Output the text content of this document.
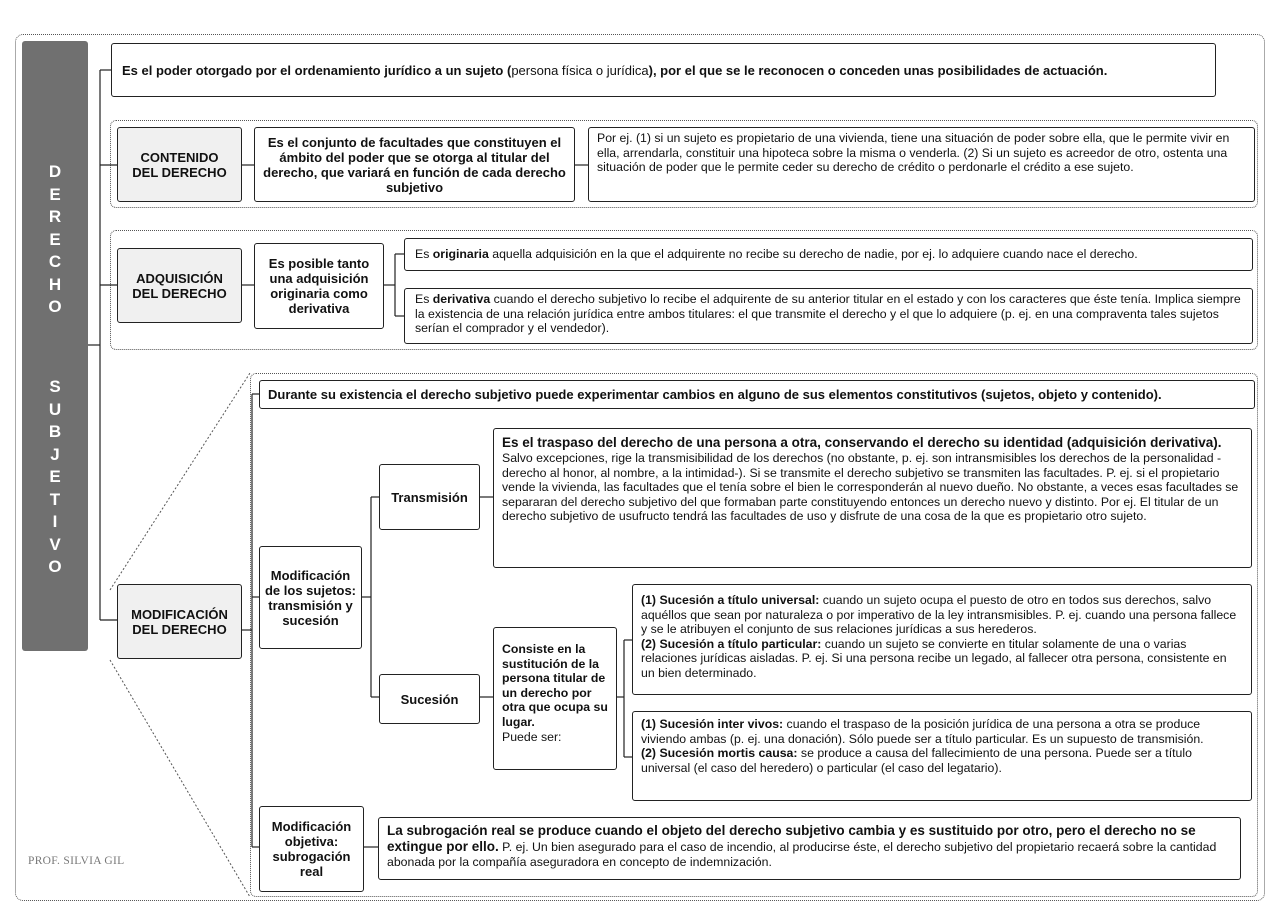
D
E
R
E
C
H
O
S
U
B
J
E
T
I
V
O

Es el poder otorgado por el ordenamiento jurídico a un sujeto (persona física o jurídica), por el que se le reconocen o conceden unas posibilidades de actuación.

CONTENIDO
DEL DERECHO
Es el conjunto de facultades que constituyen el ámbito del poder que se otorga al titular del derecho, que variará en función de cada derecho subjetivo
Por ej. (1) si un sujeto es propietario de una vivienda, tiene una situación de poder sobre ella, que le permite vivir en ella, arrendarla, constituir una hipoteca sobre la misma o venderla. (2) Si un sujeto es acreedor de otro, ostenta una situación de poder que le permite ceder su derecho de crédito o perdonarle el crédito a ese sujeto.
ADQUISICIÓN
DEL DERECHO
Es posible tanto una adquisición originaria como derivativa

Es originaria aquella adquisición en la que el adquirente no recibe su derecho de nadie, por ej. lo adquiere cuando nace el derecho.

Es derivativa cuando el derecho subjetivo lo recibe el adquirente de su anterior titular en el estado y con los caracteres que éste tenía. Implica siempre la existencia de una relación jurídica entre ambos titulares: el que transmite el derecho y el que lo adquiere (p. ej. en una compraventa tales sujetos serían el comprador y el vendedor).

MODIFICACIÓN
DEL DERECHO
Durante su existencia el derecho subjetivo puede experimentar cambios en alguno de sus elementos constitutivos (sujetos, objeto y contenido).
Modificación de los sujetos: transmisión y sucesión
Transmisión

Es el traspaso del derecho de una persona a otra, conservando el derecho su identidad (adquisición derivativa).

Salvo excepciones, rige la transmisibilidad de los derechos (no obstante, p. ej. son intransmisibles los derechos de la personalidad -derecho al honor, al nombre, a la intimidad-). Si se transmite el derecho subjetivo se transmiten las facultades. P. ej. si el propietario vende la vivienda, las facultades que el tenía sobre el bien le corresponderán al nuevo dueño. No obstante, a veces esas facultades se separaran del derecho subjetivo del que formaban parte constituyendo entonces un derecho nuevo y distinto. Por ej. El titular de un derecho subjetivo de usufructo tendrá las facultades de uso y disfrute de una cosa de la que es propietario otro sujeto.

Sucesión

Consiste en la sustitución de la persona titular de un derecho por otra que ocupa su lugar.

Puede ser:

(1) Sucesión a título universal: cuando un sujeto ocupa el puesto de otro en todos sus derechos, salvo aquéllos que sean por naturaleza o por imperativo de la ley intransmisibles. P. ej. cuando una persona fallece y se le atribuyen el conjunto de sus relaciones jurídicas a sus herederos.

(2) Sucesión a título particular: cuando un sujeto se convierte en titular solamente de una o varias relaciones jurídicas aisladas. P. ej. Si una persona recibe un legado, al fallecer otra persona, consistente en un bien determinado.

(1) Sucesión inter vivos: cuando el traspaso de la posición jurídica de una persona a otra se produce viviendo ambas (p. ej. una donación). Sólo puede ser a título particular. Es un supuesto de transmisión.

(2) Sucesión mortis causa: se produce a causa del fallecimiento de una persona. Puede ser a título universal (el caso del heredero) o particular (el caso del legatario).

Modificación objetiva: subrogación real

La subrogación real se produce cuando el objeto del derecho subjetivo cambia y es sustituido por otro, pero el derecho no se extingue por ello. P. ej. Un bien asegurado para el caso de incendio, al producirse éste, el derecho subjetivo del propietario recaerá sobre la cantidad abonada por la compañía aseguradora en concepto de indemnización.

PROF. SILVIA GIL
